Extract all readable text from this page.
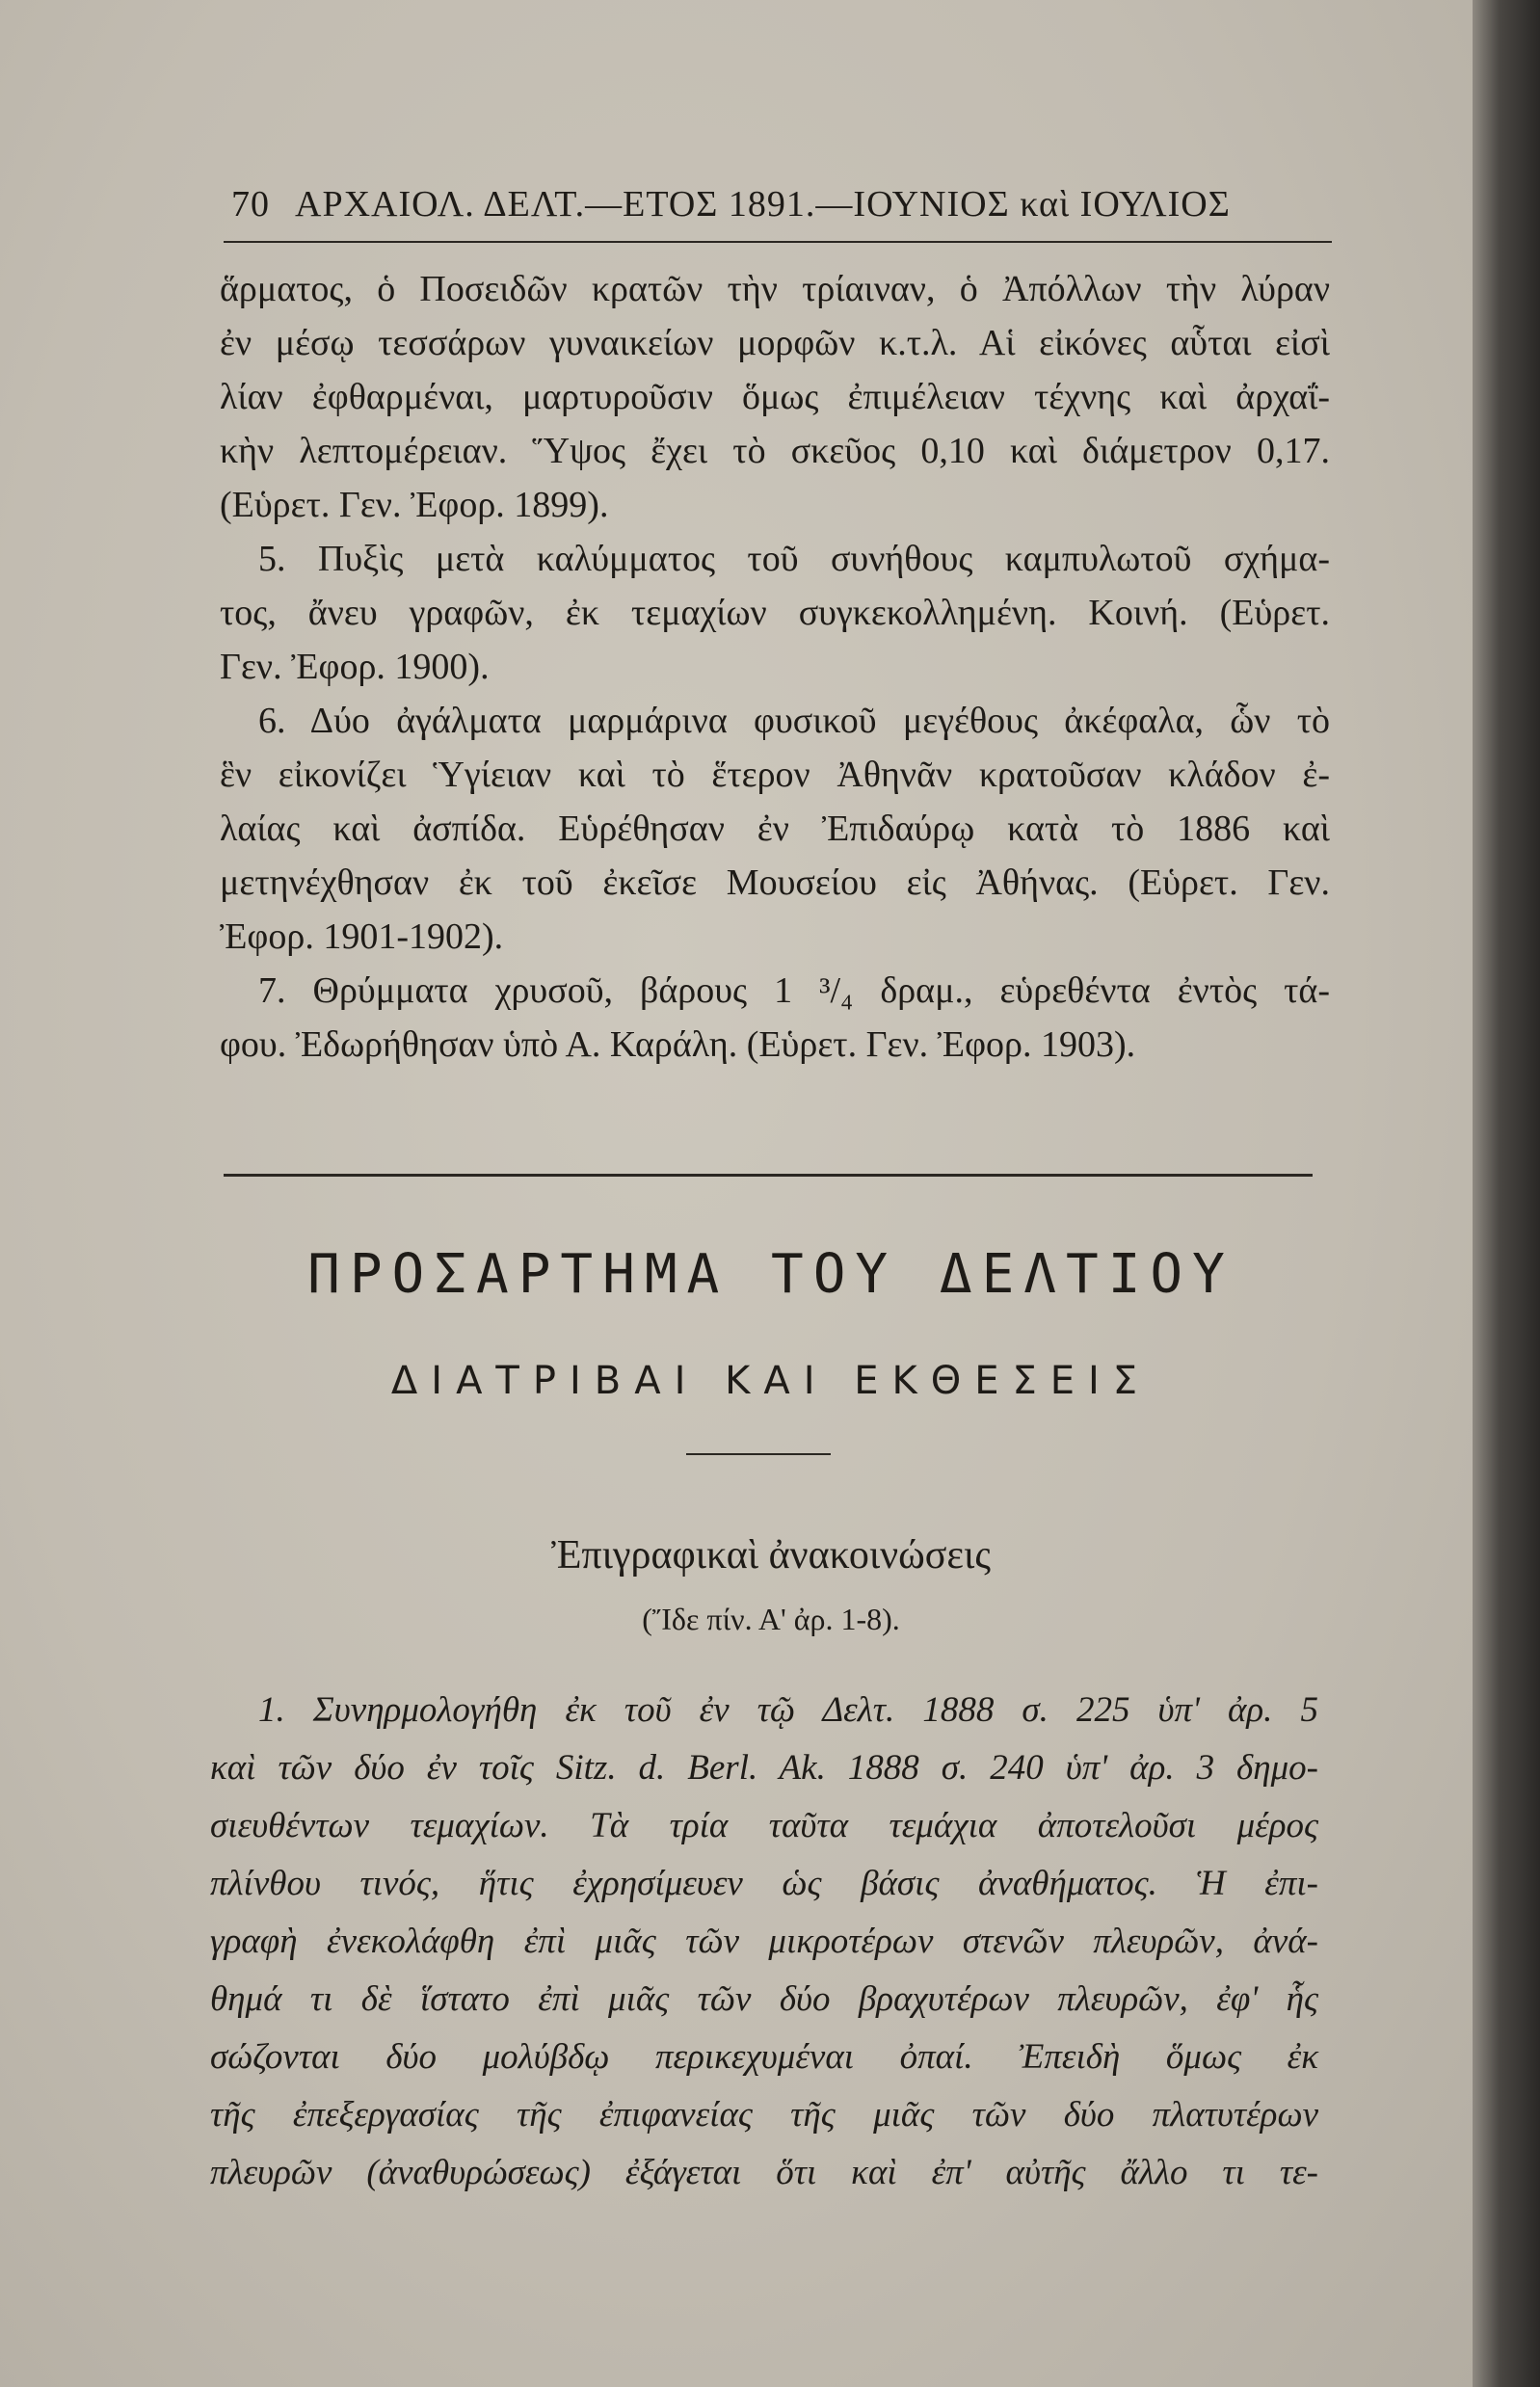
70 ΑΡΧΑΙΟΛ. ΔΕΛΤ.—ΕΤΟΣ 1891.—ΙΟΥΝΙΟΣ καὶ ΙΟΥΛΙΟΣ
ἅρματος, ὁ Ποσειδῶν κρατῶν τὴν τρίαιναν, ὁ Ἀπόλλων τὴν λύραν
ἐν μέσῳ τεσσάρων γυναικείων μορφῶν κ.τ.λ. Αἱ εἰκόνες αὗται εἰσὶ
λίαν ἐφθαρμέναι, μαρτυροῦσιν ὅμως ἐπιμέλειαν τέχνης καὶ ἀρχαΐ-
κὴν λεπτομέρειαν. Ὕψος ἔχει τὸ σκεῦος 0,10 καὶ διάμετρον 0,17.
(Εὑρετ. Γεν. Ἐφορ. 1899).
5. Πυξὶς μετὰ καλύμματος τοῦ συνήθους καμπυλωτοῦ σχήμα-
τος, ἄνευ γραφῶν, ἐκ τεμαχίων συγκεκολλημένη. Κοινή. (Εὑρετ.
Γεν. Ἐφορ. 1900).
6. Δύο ἀγάλματα μαρμάρινα φυσικοῦ μεγέθους ἀκέφαλα, ὧν τὸ
ἓν εἰκονίζει Ὑγίειαν καὶ τὸ ἕτερον Ἀθηνᾶν κρατοῦσαν κλάδον ἐ-
λαίας καὶ ἀσπίδα. Εὑρέθησαν ἐν Ἐπιδαύρῳ κατὰ τὸ 1886 καὶ
μετηνέχθησαν ἐκ τοῦ ἐκεῖσε Μουσείου εἰς Ἀθήνας. (Εὑρετ. Γεν.
Ἐφορ. 1901-1902).
7. Θρύμματα χρυσοῦ, βάρους 1 ³/₄ δραμ., εὑρεθέντα ἐντὸς τά-
φου. Ἐδωρήθησαν ὑπὸ Α. Καράλη. (Εὑρετ. Γεν. Ἐφορ. 1903).
ΠΡΟΣΑΡΤΗΜΑ ΤΟΥ ΔΕΛΤΙΟΥ
ΔΙΑΤΡΙΒΑΙ ΚΑΙ ΕΚΘΕΣΕΙΣ
Ἐπιγραφικαὶ ἀνακοινώσεις
(Ἴδε πίν. Α' ἀρ. 1-8).
1. Συνηρμολογήθη ἐκ τοῦ ἐν τῷ Δελτ. 1888 σ. 225 ὑπ' ἀρ. 5
καὶ τῶν δύο ἐν τοῖς Sitz. d. Berl. Ak. 1888 σ. 240 ὑπ' ἀρ. 3 δημο-
σιευθέντων τεμαχίων. Τὰ τρία ταῦτα τεμάχια ἀποτελοῦσι μέρος
πλίνθου τινός, ἥτις ἐχρησίμευεν ὡς βάσις ἀναθήματος. Ἡ ἐπι-
γραφὴ ἐνεκολάφθη ἐπὶ μιᾶς τῶν μικροτέρων στενῶν πλευρῶν, ἀνά-
θημά τι δὲ ἵστατο ἐπὶ μιᾶς τῶν δύο βραχυτέρων πλευρῶν, ἐφ' ἧς
σώζονται δύο μολύβδῳ περικεχυμέναι ὀπαί. Ἐπειδὴ ὅμως ἐκ
τῆς ἐπεξεργασίας τῆς ἐπιφανείας τῆς μιᾶς τῶν δύο πλατυτέρων
πλευρῶν (ἀναθυρώσεως) ἐξάγεται ὅτι καὶ ἐπ' αὐτῆς ἄλλο τι τε-
